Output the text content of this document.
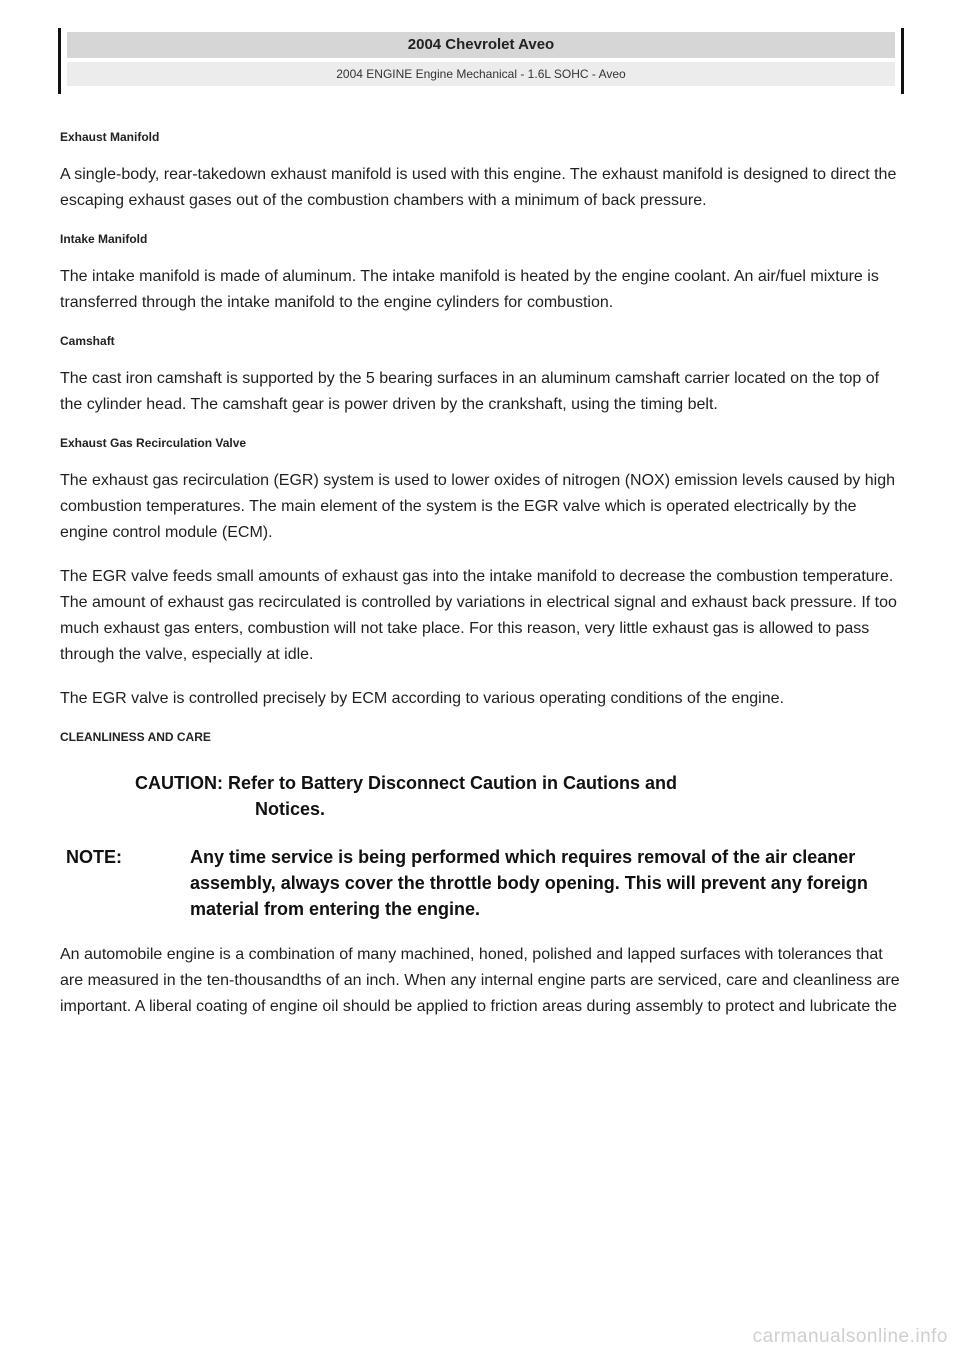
2004 Chevrolet Aveo
2004 ENGINE Engine Mechanical - 1.6L SOHC - Aveo
Exhaust Manifold

A single-body, rear-takedown exhaust manifold is used with this engine. The exhaust manifold is designed to direct the escaping exhaust gases out of the combustion chambers with a minimum of back pressure.

Intake Manifold

The intake manifold is made of aluminum. The intake manifold is heated by the engine coolant. An air/fuel mixture is transferred through the intake manifold to the engine cylinders for combustion.

Camshaft

The cast iron camshaft is supported by the 5 bearing surfaces in an aluminum camshaft carrier located on the top of the cylinder head. The camshaft gear is power driven by the crankshaft, using the timing belt.

Exhaust Gas Recirculation Valve

The exhaust gas recirculation (EGR) system is used to lower oxides of nitrogen (NOX) emission levels caused by high combustion temperatures. The main element of the system is the EGR valve which is operated electrically by the engine control module (ECM).

The EGR valve feeds small amounts of exhaust gas into the intake manifold to decrease the combustion temperature. The amount of exhaust gas recirculated is controlled by variations in electrical signal and exhaust back pressure. If too much exhaust gas enters, combustion will not take place. For this reason, very little exhaust gas is allowed to pass through the valve, especially at idle.

The EGR valve is controlled precisely by ECM according to various operating conditions of the engine.

CLEANLINESS AND CARE
CAUTION: Refer to Battery Disconnect Caution in Cautions and
Notices.
NOTE:	Any time service is being performed which requires removal of the air cleaner assembly, always cover the throttle body opening. This will prevent any foreign material from entering the engine.

An automobile engine is a combination of many machined, honed, polished and lapped surfaces with tolerances that are measured in the ten-thousandths of an inch. When any internal engine parts are serviced, care and cleanliness are important. A liberal coating of engine oil should be applied to friction areas during assembly to protect and lubricate the

carmanualsonline.info
